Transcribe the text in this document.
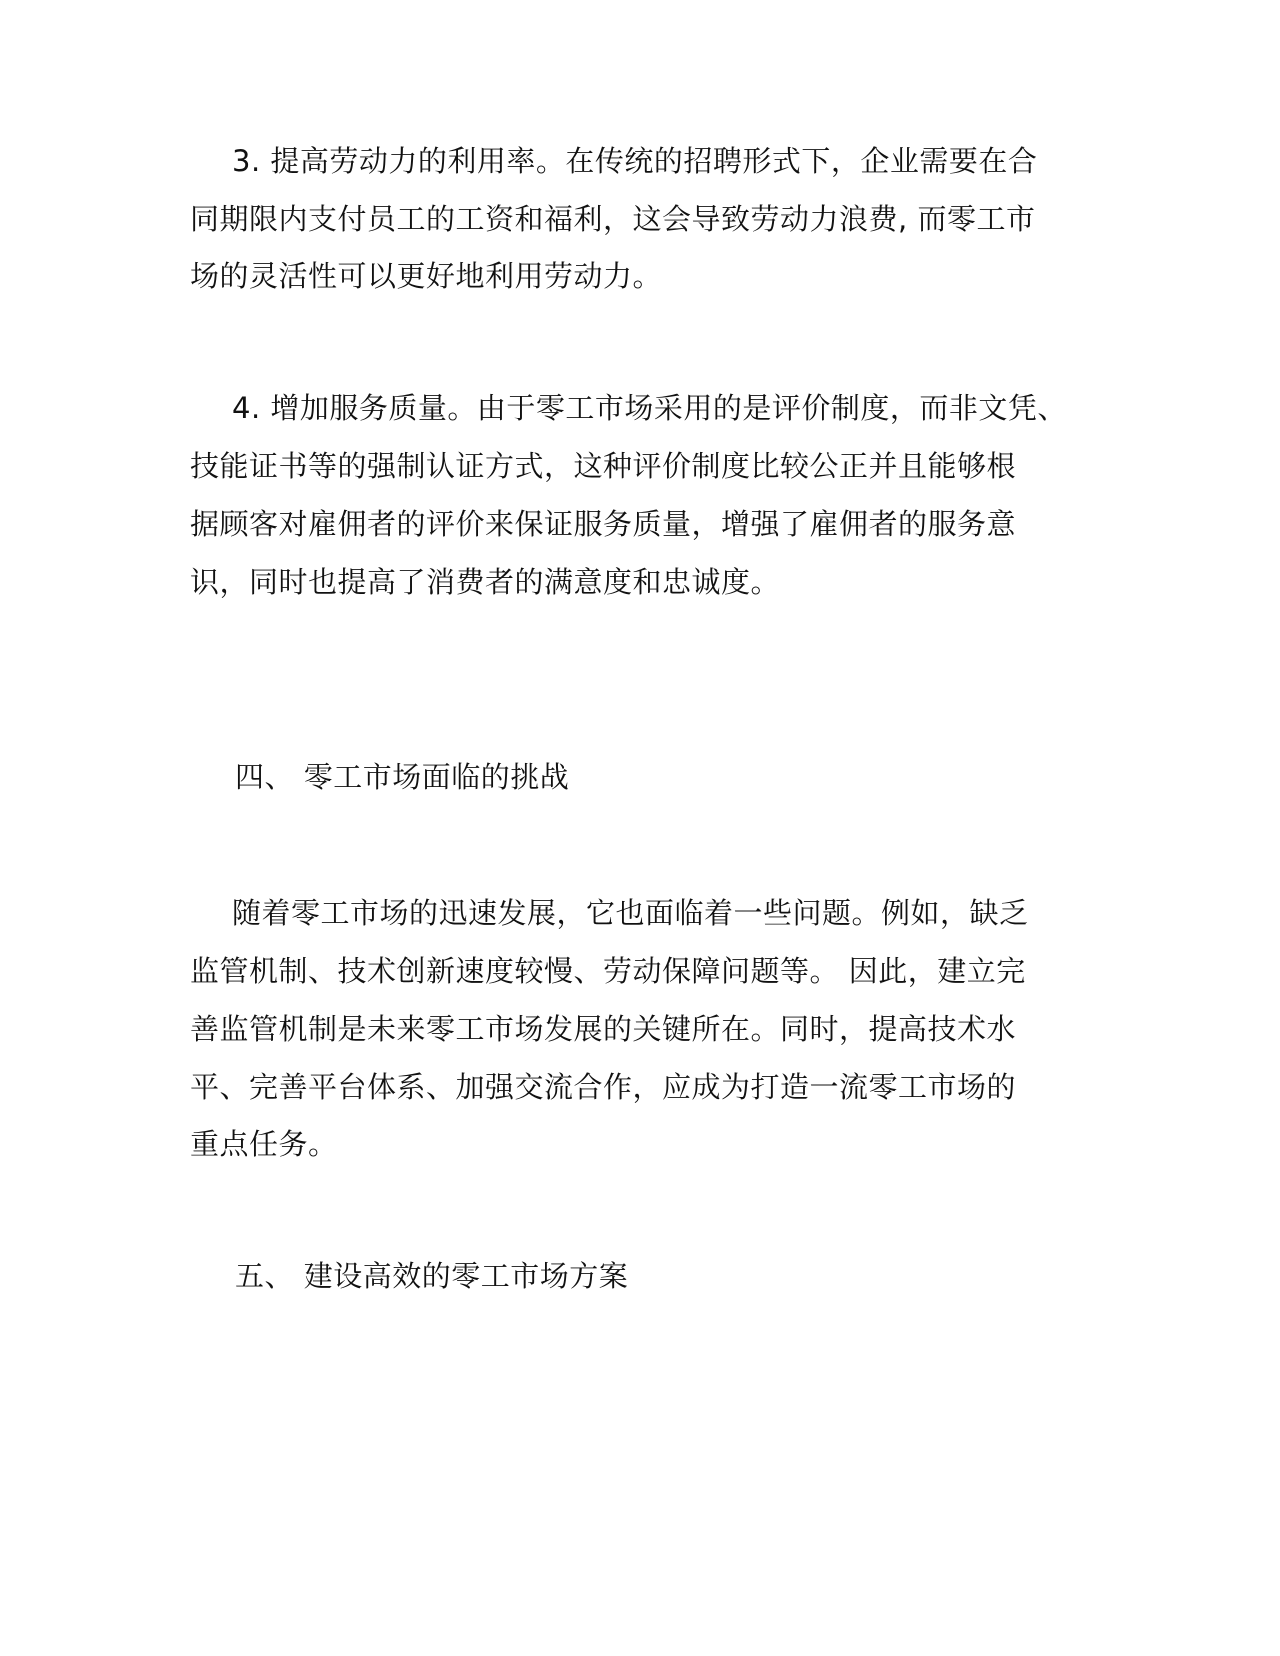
3. 提高劳动力的利用率。在传统的招聘形式下，企业需要在合
同期限内支付员工的工资和福利，这会导致劳动力浪费, 而零工市
场的灵活性可以更好地利用劳动力。
4. 增加服务质量。由于零工市场采用的是评价制度，而非文凭、
技能证书等的强制认证方式，这种评价制度比较公正并且能够根
据顾客对雇佣者的评价来保证服务质量，增强了雇佣者的服务意
识，同时也提高了消费者的满意度和忠诚度。
四、 零工市场面临的挑战
随着零工市场的迅速发展，它也面临着一些问题。例如，缺乏
监管机制、技术创新速度较慢、劳动保障问题等。 因此，建立完
善监管机制是未来零工市场发展的关键所在。同时，提高技术水
平、完善平台体系、加强交流合作，应成为打造一流零工市场的
重点任务。
五、 建设高效的零工市场方案
